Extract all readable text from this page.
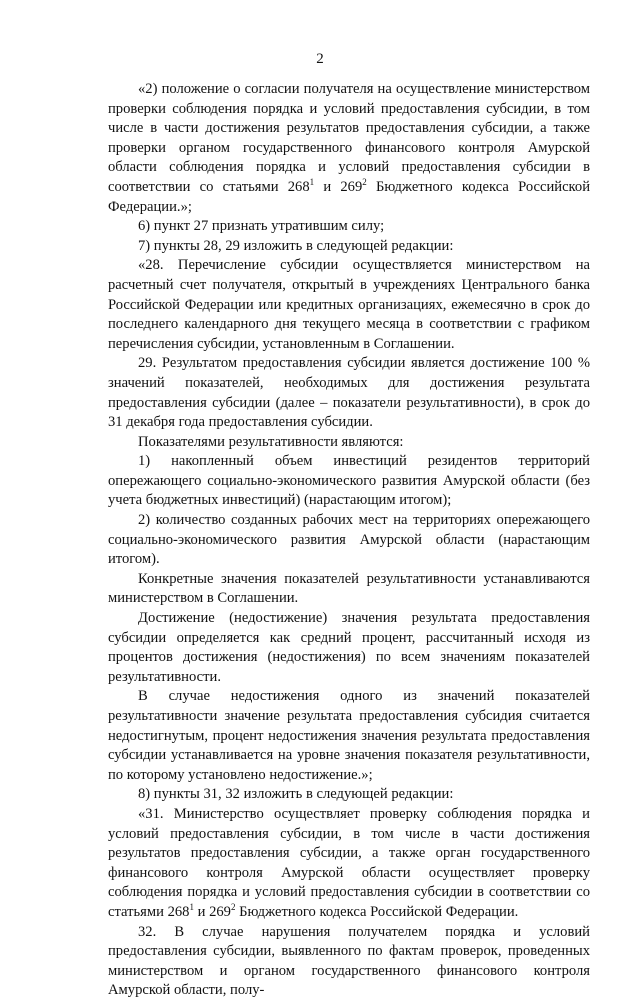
2

«2) положение о согласии получателя на осуществление министерством проверки соблюдения порядка и условий предоставления субсидии, в том числе в части достижения результатов предоставления субсидии, а также проверки органом государственного финансового контроля Амурской области соблюдения порядка и условий предоставления субсидии в соответствии со статьями $268^1$ и $269^2$ Бюджетного кодекса Российской Федерации.»;

6) пункт 27 признать утратившим силу;

7) пункты 28, 29 изложить в следующей редакции:

«28. Перечисление субсидии осуществляется министерством на расчетный счет получателя, открытый в учреждениях Центрального банка Российской Федерации или кредитных организациях, ежемесячно в срок до последнего календарного дня текущего месяца в соответствии с графиком перечисления субсидии, установленным в Соглашении.

29. Результатом предоставления субсидии является достижение 100 % значений показателей, необходимых для достижения результата предоставления субсидии (далее – показатели результативности), в срок до 31 декабря года предоставления субсидии.

Показателями результативности являются:

1) накопленный объем инвестиций резидентов территорий опережающего социально-экономического развития Амурской области (без учета бюджетных инвестиций) (нарастающим итогом);

2) количество созданных рабочих мест на территориях опережающего социально-экономического развития Амурской области (нарастающим итогом).

Конкретные значения показателей результативности устанавливаются министерством в Соглашении.

Достижение (недостижение) значения результата предоставления субсидии определяется как средний процент, рассчитанный исходя из процентов достижения (недостижения) по всем значениям показателей результативности.

В случае недостижения одного из значений показателей результативности значение результата предоставления субсидия считается недостигнутым, процент недостижения значения результата предоставления субсидии устанавливается на уровне значения показателя результативности, по которому установлено недостижение.»;

8) пункты 31, 32 изложить в следующей редакции:

«31. Министерство осуществляет проверку соблюдения порядка и условий предоставления субсидии, в том числе в части достижения результатов предоставления субсидии, а также орган государственного финансового контроля Амурской области осуществляет проверку соблюдения порядка и условий предоставления субсидии в соответствии со статьями $268^1$ и $269^2$ Бюджетного кодекса Российской Федерации.

32. В случае нарушения получателем порядка и условий предоставления субсидии, выявленного по фактам проверок, проведенных министерством и органом государственного финансового контроля Амурской области, полу-
